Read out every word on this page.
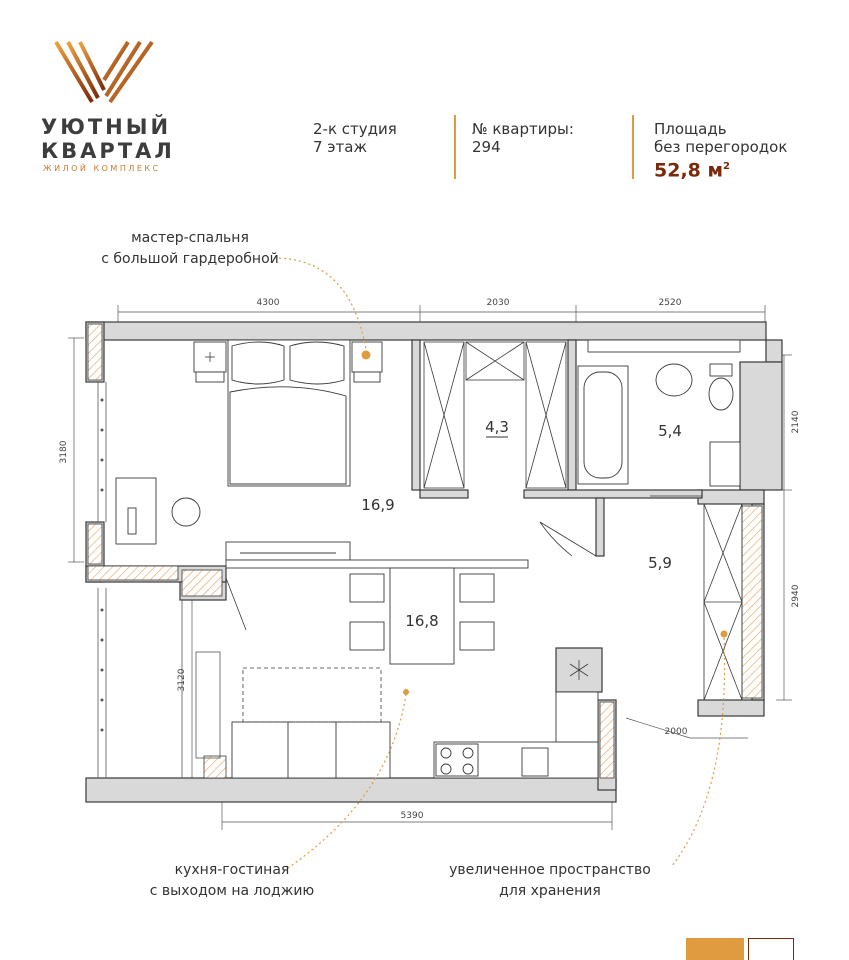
УЮТНЫЙ
КВАРТАЛ
ЖИЛОЙ КОМПЛЕКС
2-к студия
7 этаж
№ квартиры:
294
Площадь
без перегородок
52,8 $м^2$
4300	2030	2520
3180
3120
2140
2940
5390
2000
16,9
4,3	5,4
5,9
16,8
мастер-спальня
с большой гардеробной
кухня-гостиная
с выходом на лоджию
увеличенное пространство
для хранения
